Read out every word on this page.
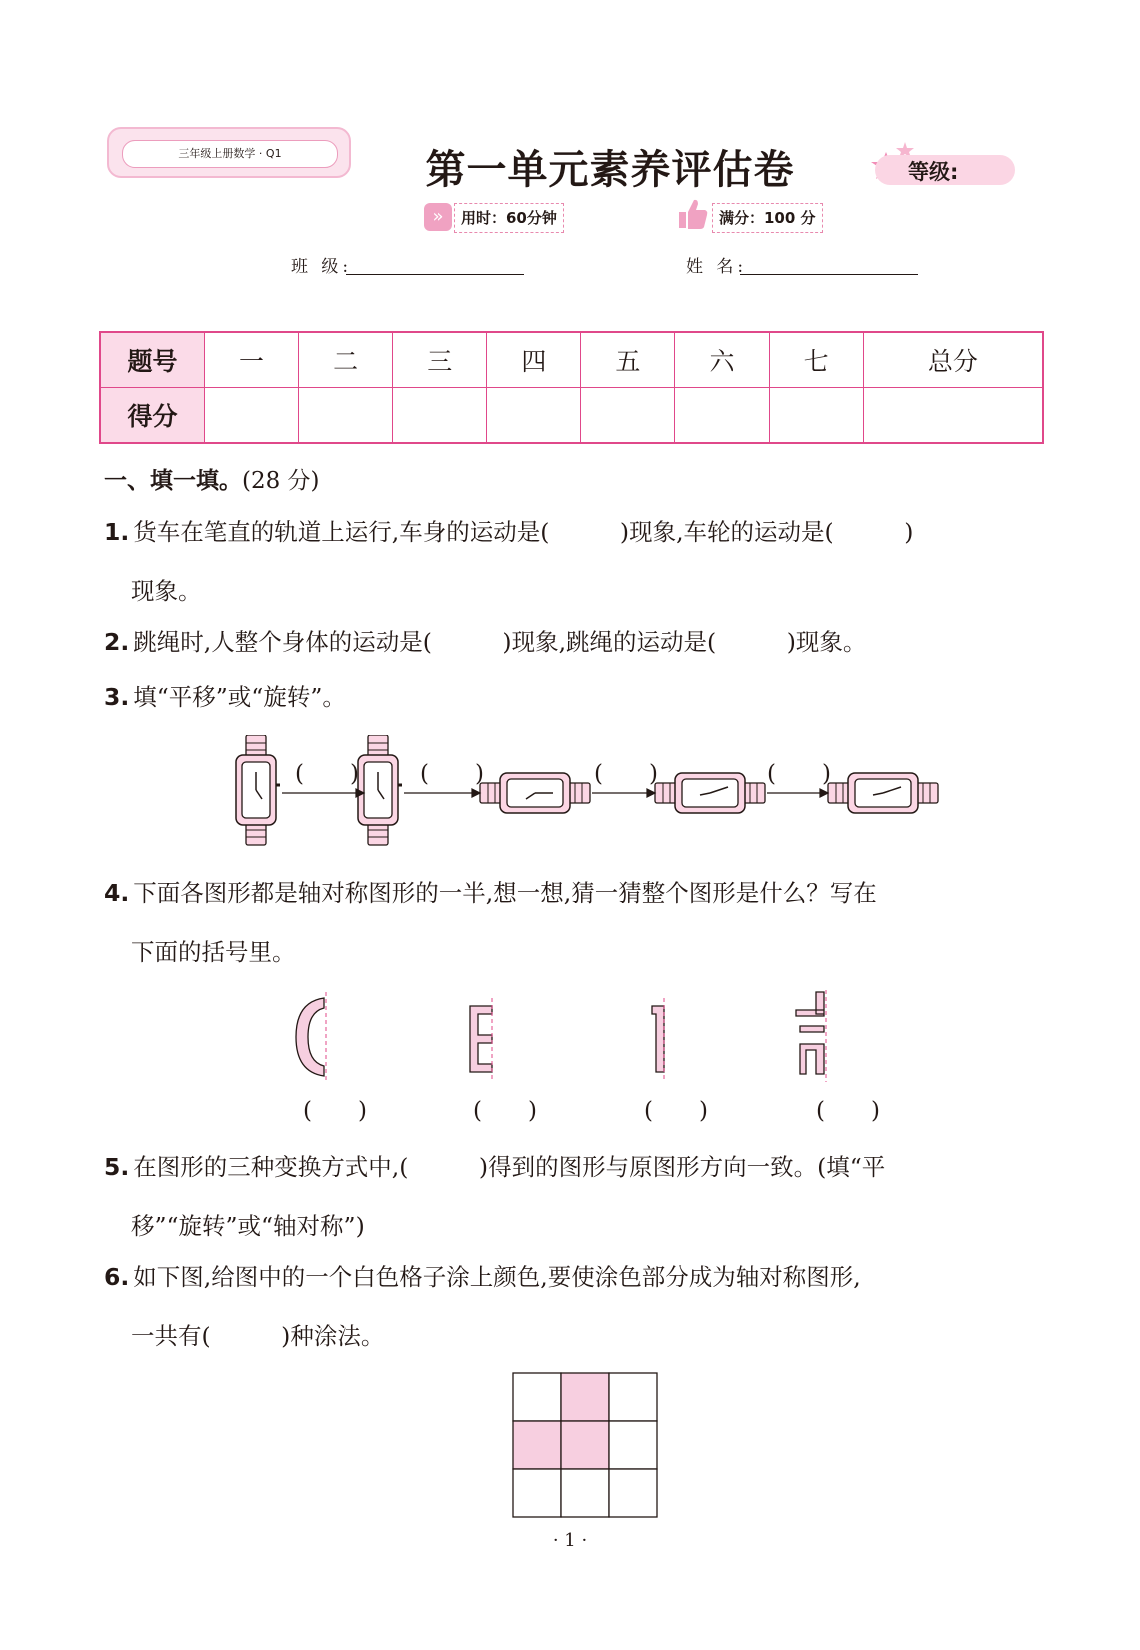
三年级上册数学 · Q1	第一单元素养评估卷	等级:
»	用时：60分钟	满分：100 分
班 级:	姓 名:
题号	一	二	三	四	五	六	七	总分
得分								
一、填一填。(28 分)
1. 货车在笔直的轨道上运行,车身的运动是(　　　)现象,车轮的运动是(　　　)
现象。
2. 跳绳时,人整个身体的运动是(　　　)现象,跳绳的运动是(　　　)现象。
3. 填“平移”或“旋转”。
(　　)	(　　)	(　　)	(　　)
4. 下面各图形都是轴对称图形的一半,想一想,猜一猜整个图形是什么？写在
下面的括号里。
(　　)	(　　)	(　　)	(　　)
5. 在图形的三种变换方式中,(　　　)得到的图形与原图形方向一致。(填“平
移”“旋转”或“轴对称”)
6. 如下图,给图中的一个白色格子涂上颜色,要使涂色部分成为轴对称图形,
一共有(　　　)种涂法。
· 1 ·
